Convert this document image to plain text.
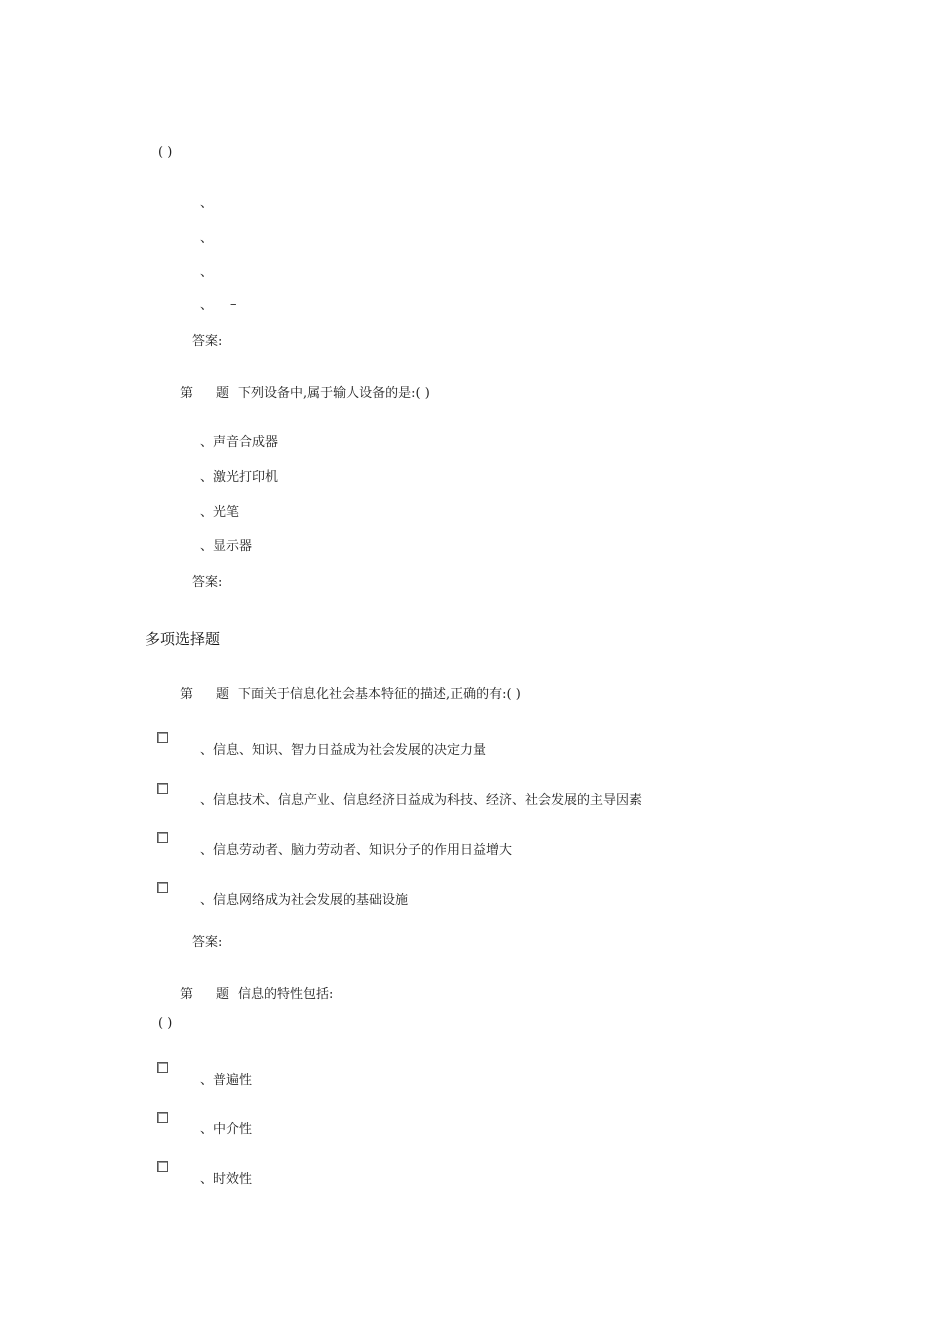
( )
、
、
、
、 –
答案:
第 题 下列设备中,属于输人设备的是:( )
、声音合成器
、激光打印机
、光笔
、显示器
答案:
多项选择题
第 题 下面关于信息化社会基本特征的描述,正确的有:( )
、信息、知识、智力日益成为社会发展的决定力量
、信息技术、信息产业、信息经济日益成为科技、经济、社会发展的主导因素
、信息劳动者、脑力劳动者、知识分子的作用日益增大
、信息网络成为社会发展的基础设施
答案:
第 题 信息的特性包括:
( )
、普遍性
、中介性
、时效性
